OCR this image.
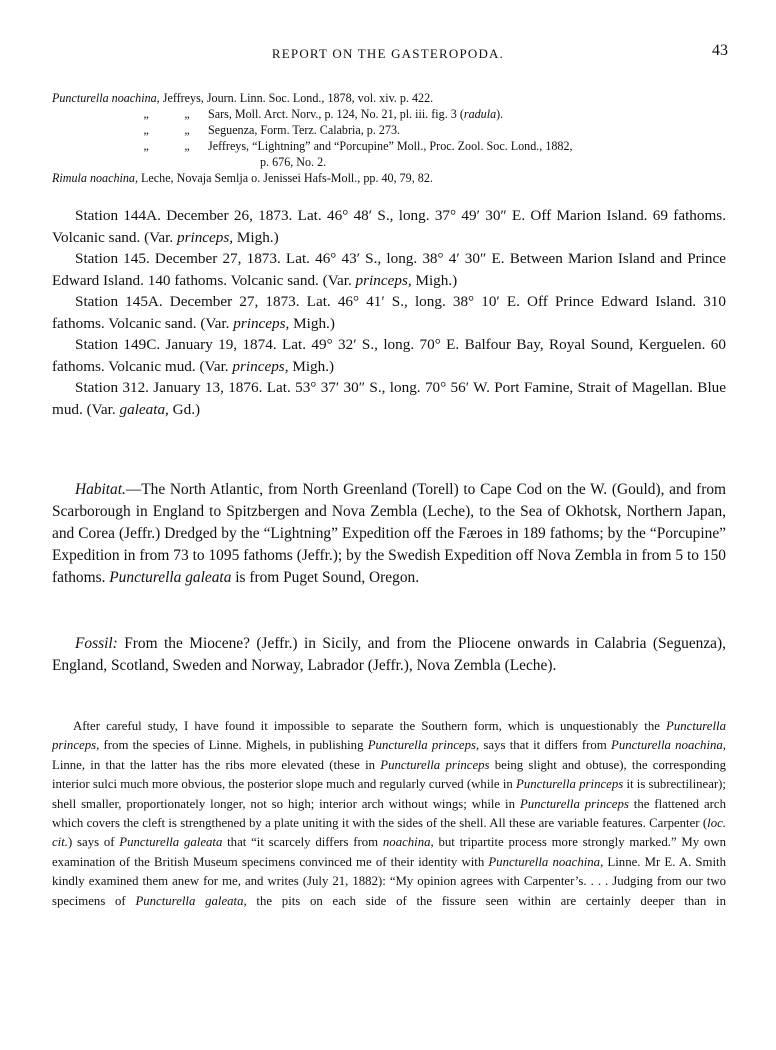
REPORT ON THE GASTEROPODA.	43
Puncturella noachina, Jeffreys, Journ. Linn. Soc. Lond., 1878, vol. xiv. p. 422.
„	„ Sars, Moll. Arct. Norv., p. 124, No. 21, pl. iii. fig. 3 (radula).
„	„ Seguenza, Form. Terz. Calabria, p. 273.
„	„ Jeffreys, “Lightning” and “Porcupine” Moll., Proc. Zool. Soc. Lond., 1882,
p. 676, No. 2.
Rimula noachina, Leche, Novaja Semlja o. Jenissei Hafs-Moll., pp. 40, 79, 82.

Station 144A. December 26, 1873. Lat. 46° 48′ S., long. 37° 49′ 30″ E. Off Marion Island. 69 fathoms. Volcanic sand. (Var. princeps, Migh.)

Station 145. December 27, 1873. Lat. 46° 43′ S., long. 38° 4′ 30″ E. Between Marion Island and Prince Edward Island. 140 fathoms. Volcanic sand. (Var. princeps, Migh.)

Station 145A. December 27, 1873. Lat. 46° 41′ S., long. 38° 10′ E. Off Prince Edward Island. 310 fathoms. Volcanic sand. (Var. princeps, Migh.)

Station 149C. January 19, 1874. Lat. 49° 32′ S., long. 70° E. Balfour Bay, Royal Sound, Kerguelen. 60 fathoms. Volcanic mud. (Var. princeps, Migh.)

Station 312. January 13, 1876. Lat. 53° 37′ 30″ S., long. 70° 56′ W. Port Famine, Strait of Magellan. Blue mud. (Var. galeata, Gd.)

Habitat.—The North Atlantic, from North Greenland (Torell) to Cape Cod on the W. (Gould), and from Scarborough in England to Spitzbergen and Nova Zembla (Leche), to the Sea of Okhotsk, Northern Japan, and Corea (Jeffr.) Dredged by the “Lightning” Expedition off the Færoes in 189 fathoms; by the “Porcupine” Expedition in from 73 to 1095 fathoms (Jeffr.); by the Swedish Expedition off Nova Zembla in from 5 to 150 fathoms. Puncturella galeata is from Puget Sound, Oregon.

Fossil: From the Miocene? (Jeffr.) in Sicily, and from the Pliocene onwards in Calabria (Seguenza), England, Scotland, Sweden and Norway, Labrador (Jeffr.), Nova Zembla (Leche).

After careful study, I have found it impossible to separate the Southern form, which is unquestionably the Puncturella princeps, from the species of Linne. Mighels, in publishing Puncturella princeps, says that it differs from Puncturella noachina, Linne, in that the latter has the ribs more elevated (these in Puncturella princeps being slight and obtuse), the corresponding interior sulci much more obvious, the posterior slope much and regularly curved (while in Puncturella princeps it is subrectilinear); shell smaller, proportionately longer, not so high; interior arch without wings; while in Puncturella princeps the flattened arch which covers the cleft is strengthened by a plate uniting it with the sides of the shell. All these are variable features. Carpenter (loc. cit.) says of Puncturella galeata that “it scarcely differs from noachina, but tripartite process more strongly marked.” My own examination of the British Museum specimens convinced me of their identity with Puncturella noachina, Linne. Mr E. A. Smith kindly examined them anew for me, and writes (July 21, 1882): “My opinion agrees with Carpenter’s. . . . Judging from our two specimens of Puncturella galeata, the pits on each side of the fissure seen within are certainly deeper than in
